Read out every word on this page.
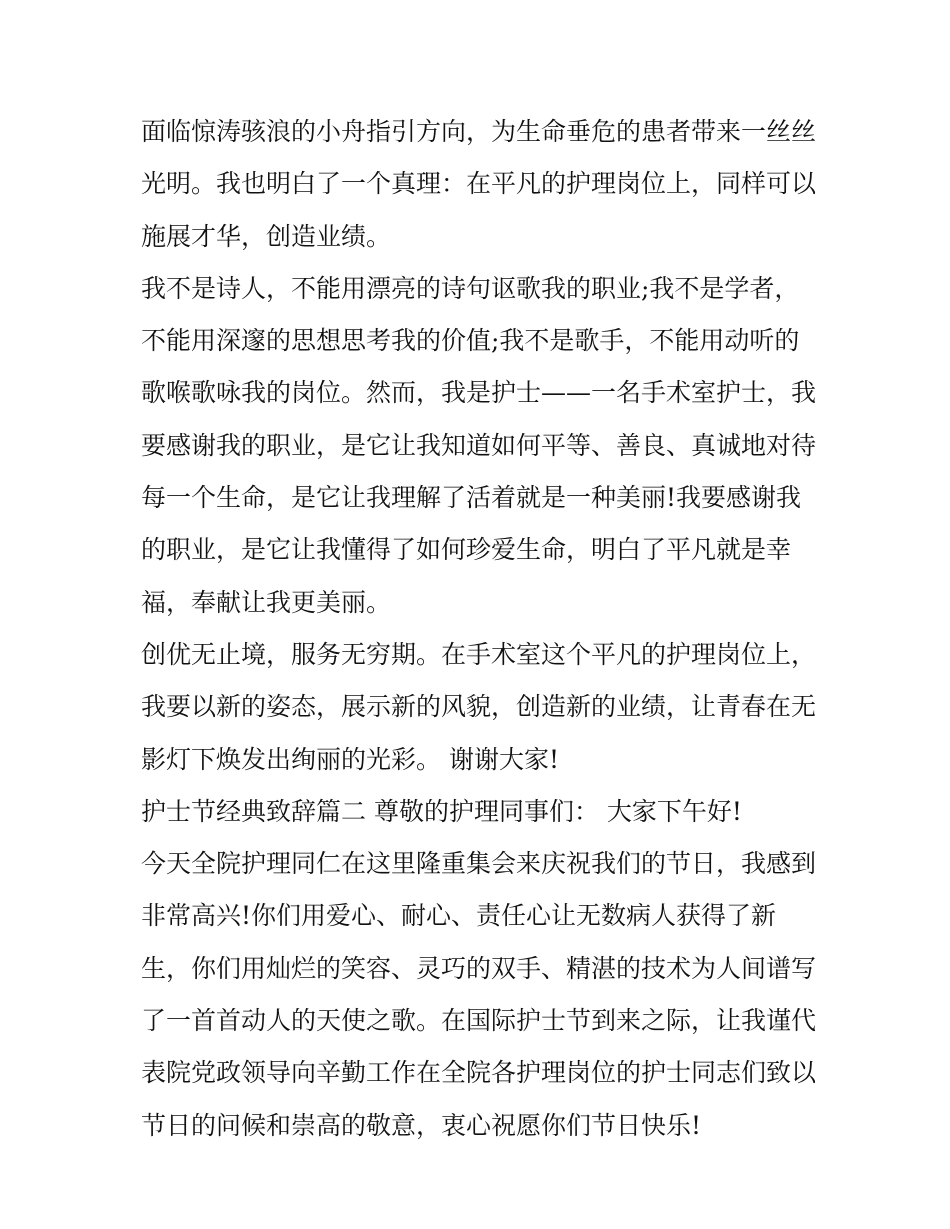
面临惊涛骇浪的小舟指引方向，为生命垂危的患者带来一丝丝
光明。我也明白了一个真理：在平凡的护理岗位上，同样可以
施展才华，创造业绩。
我不是诗人，不能用漂亮的诗句讴歌我的职业;我不是学者，
不能用深邃的思想思考我的价值;我不是歌手，不能用动听的
歌喉歌咏我的岗位。然而，我是护士——一名手术室护士，我
要感谢我的职业，是它让我知道如何平等、善良、真诚地对待
每一个生命，是它让我理解了活着就是一种美丽!我要感谢我
的职业，是它让我懂得了如何珍爱生命，明白了平凡就是幸
福，奉献让我更美丽。
创优无止境，服务无穷期。在手术室这个平凡的护理岗位上，
我要以新的姿态，展示新的风貌，创造新的业绩，让青春在无
影灯下焕发出绚丽的光彩。 谢谢大家!
护士节经典致辞篇二 尊敬的护理同事们： 大家下午好!
今天全院护理同仁在这里隆重集会来庆祝我们的节日，我感到
非常高兴!你们用爱心、耐心、责任心让无数病人获得了新
生，你们用灿烂的笑容、灵巧的双手、精湛的技术为人间谱写
了一首首动人的天使之歌。在国际护士节到来之际，让我谨代
表院党政领导向辛勤工作在全院各护理岗位的护士同志们致以
节日的问候和崇高的敬意，衷心祝愿你们节日快乐!
